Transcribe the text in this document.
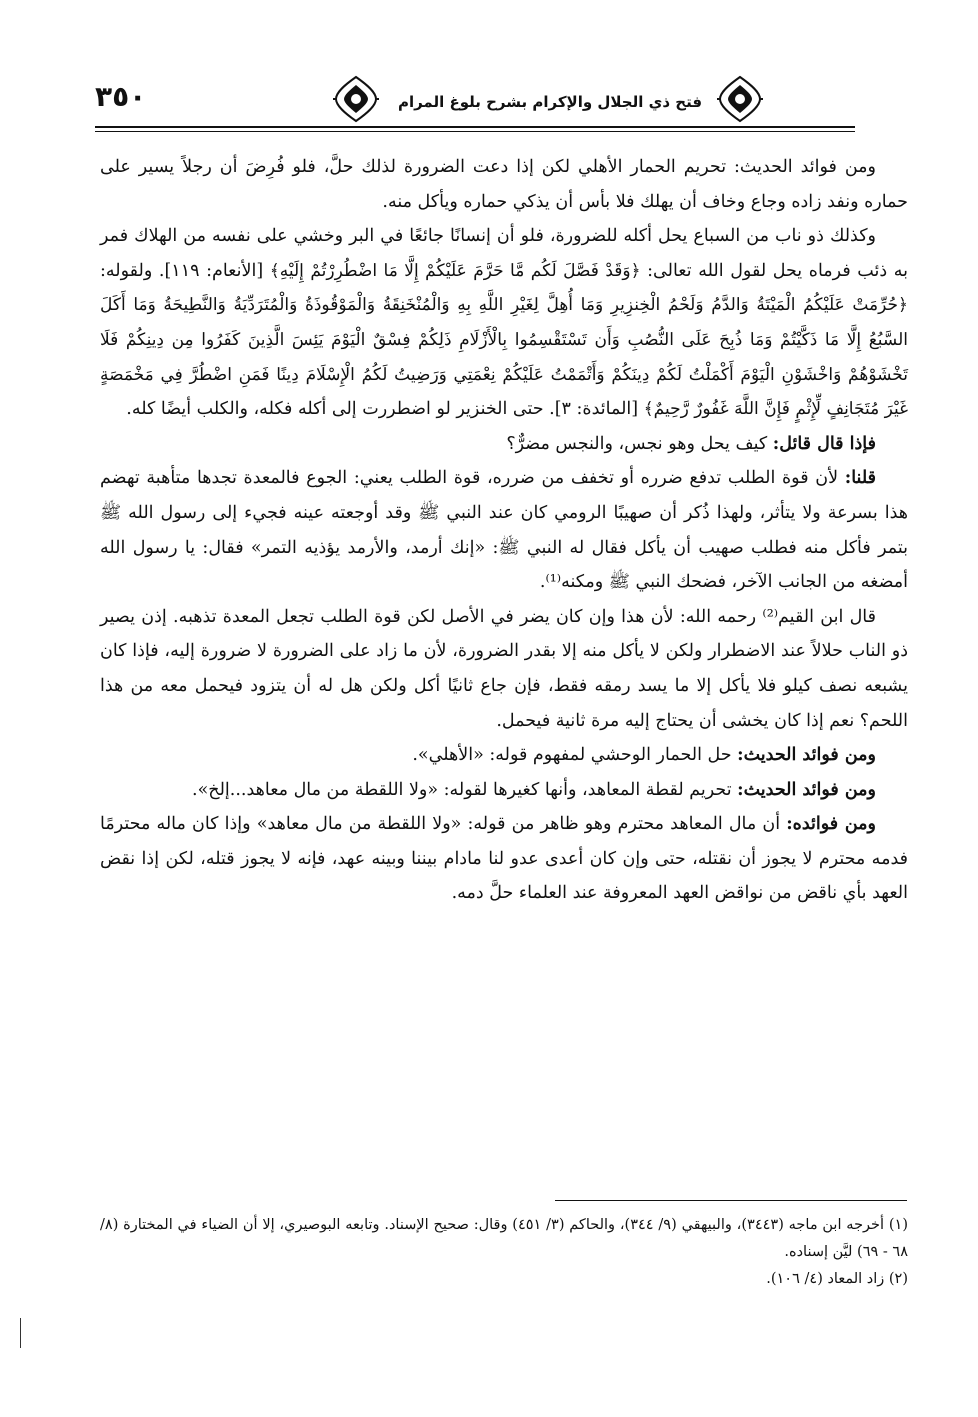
٣٥٠	فتح ذي الجلال والإكرام بشرح بلوغ المرام

ومن فوائد الحديث: تحريم الحمار الأهلي لكن إذا دعت الضرورة لذلك حلَّ، فلو فُرِضَ أن رجلاً يسير على حماره ونفد زاده وجاع وخاف أن يهلك فلا بأس أن يذكي حماره ويأكل منه.

وكذلك ذو ناب من السباع يحل أكله للضرورة، فلو أن إنسانًا جائعًا في البر وخشي على نفسه من الهلاك فمر به ذئب فرماه يحل لقول الله تعالى: ﴿وَقَدْ فَصَّلَ لَكُم مَّا حَرَّمَ عَلَيْكُمْ إِلَّا مَا اضْطُرِرْتُمْ إِلَيْهِ﴾ [الأنعام: ١١٩]. ولقوله: ﴿حُرِّمَتْ عَلَيْكُمُ الْمَيْتَةُ وَالدَّمُ وَلَحْمُ الْخِنزِيرِ وَمَا أُهِلَّ لِغَيْرِ اللَّهِ بِهِ وَالْمُنْخَنِقَةُ وَالْمَوْقُوذَةُ وَالْمُتَرَدِّيَةُ وَالنَّطِيحَةُ وَمَا أَكَلَ السَّبُعُ إِلَّا مَا ذَكَّيْتُمْ وَمَا ذُبِحَ عَلَى النُّصُبِ وَأَن تَسْتَقْسِمُوا بِالْأَزْلَامِ ذَلِكُمْ فِسْقٌ الْيَوْمَ يَئِسَ الَّذِينَ كَفَرُوا مِن دِينِكُمْ فَلَا تَخْشَوْهُمْ وَاخْشَوْنِ الْيَوْمَ أَكْمَلْتُ لَكُمْ دِينَكُمْ وَأَتْمَمْتُ عَلَيْكُمْ نِعْمَتِي وَرَضِيتُ لَكُمُ الْإِسْلَامَ دِينًا فَمَنِ اضْطُرَّ فِي مَخْمَصَةٍ غَيْرَ مُتَجَانِفٍ لِّإِثْمٍ فَإِنَّ اللَّهَ غَفُورٌ رَّحِيمٌ﴾ [المائدة: ٣]. حتى الخنزير لو اضطررت إلى أكله فكله، والكلب أيضًا كله.

فإذا قال قائل: كيف يحل وهو نجس، والنجس مضرٌّ؟

قلنا: لأن قوة الطلب تدفع ضرره أو تخفف من ضرره، قوة الطلب يعني: الجوع فالمعدة تجدها متأهبة تهضم هذا بسرعة ولا يتأثر، ولهذا ذُكر أن صهيبًا الرومي كان عند النبي ﷺ وقد أوجعته عينه فجيء إلى رسول الله ﷺ بتمر فأكل منه فطلب صهيب أن يأكل فقال له النبي ﷺ: «إنك أرمد، والأرمد يؤذيه التمر» فقال: يا رسول الله أمضغه من الجانب الآخر، فضحك النبي ﷺ ومكنه⁽¹⁾.

قال ابن القيم⁽²⁾ رحمه الله: لأن هذا وإن كان يضر في الأصل لكن قوة الطلب تجعل المعدة تذهبه. إذن يصير ذو الناب حلالاً عند الاضطرار ولكن لا يأكل منه إلا بقدر الضرورة، لأن ما زاد على الضرورة لا ضرورة إليه، فإذا كان يشبعه نصف كيلو فلا يأكل إلا ما يسد رمقه فقط، فإن جاع ثانيًا أكل ولكن هل له أن يتزود فيحمل معه من هذا اللحم؟ نعم إذا كان يخشى أن يحتاج إليه مرة ثانية فيحمل.

ومن فوائد الحديث: حل الحمار الوحشي لمفهوم قوله: «الأهلي».

ومن فوائد الحديث: تحريم لقطة المعاهد، وأنها كغيرها لقوله: «ولا اللقطة من مال معاهد...إلخ».

ومن فوائده: أن مال المعاهد محترم وهو ظاهر من قوله: «ولا اللقطة من مال معاهد» وإذا كان ماله محترمًا فدمه محترم لا يجوز أن نقتله، حتى وإن كان أعدى عدو لنا مادام بيننا وبينه عهد، فإنه لا يجوز قتله، لكن إذا نقض العهد بأي ناقض من نواقض العهد المعروفة عند العلماء حلَّ دمه.

(١) أخرجه ابن ماجه (٣٤٤٣)، والبيهقي (٩/ ٣٤٤)، والحاكم (٣/ ٤٥١) وقال: صحيح الإسناد. وتابعه البوصيري، إلا أن الضياء في المختارة (٨/ ٦٨ - ٦٩) ليَّن إسناده.

(٢) زاد المعاد (٤/ ١٠٦).
